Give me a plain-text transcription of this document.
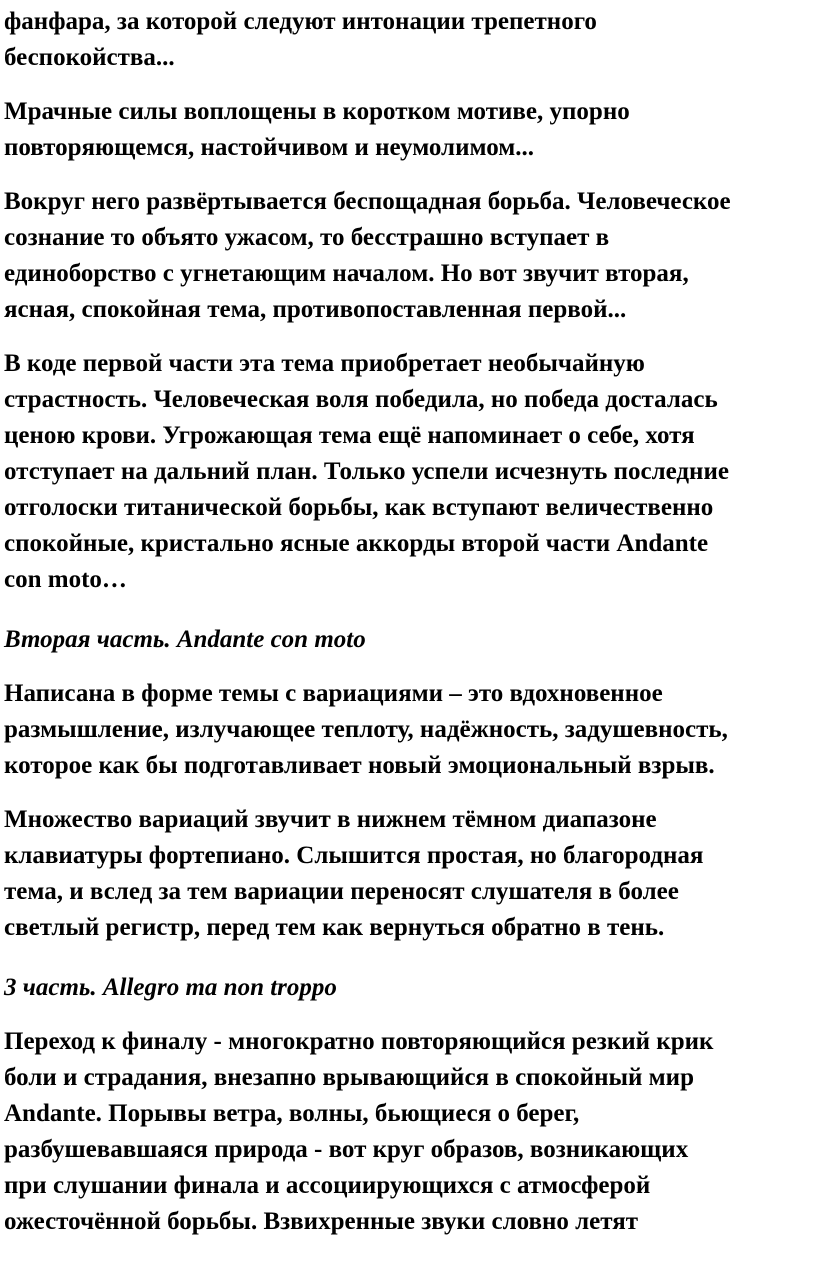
фанфара, за которой следуют интонации трепетного
беспокойства...

Мрачные силы воплощены в коротком мотиве, упорно
повторяющемся, настойчивом и неумолимом...

Вокруг него развёртывается беспощадная борьба. Человеческое
сознание то объято ужасом, то бесстрашно вступает в
единоборство с угнетающим началом. Но вот звучит вторая,
ясная, спокойная тема, противопоставленная первой...

В коде первой части эта тема приобретает необычайную
страстность. Человеческая воля победила, но победа досталась
ценою крови. Угрожающая тема ещё напоминает о себе, хотя
отступает на дальний план. Только успели исчезнуть последние
отголоски титанической борьбы, как вступают величественно
спокойные, кристально ясные аккорды второй части Andante
con moto…

Вторая часть. Andante con moto

Написана в форме темы с вариациями – это вдохновенное
размышление, излучающее теплоту, надёжность, задушевность,
которое как бы подготавливает новый эмоциональный взрыв.

Множество вариаций звучит в нижнем тёмном диапазоне
клавиатуры фортепиано. Слышится простая, но благородная
тема, и вслед за тем вариации переносят слушателя в более
светлый регистр, перед тем как вернуться обратно в тень.

3 часть. Allegro ma non troppo

Переход к финалу - многократно повторяющийся резкий крик
боли и страдания, внезапно врывающийся в спокойный мир
Andante. Порывы ветра, волны, бьющиеся о берег,
разбушевавшаяся природа - вот круг образов, возникающих
при слушании финала и ассоциирующихся с атмосферой
ожесточённой борьбы. Взвихренные звуки словно летят
